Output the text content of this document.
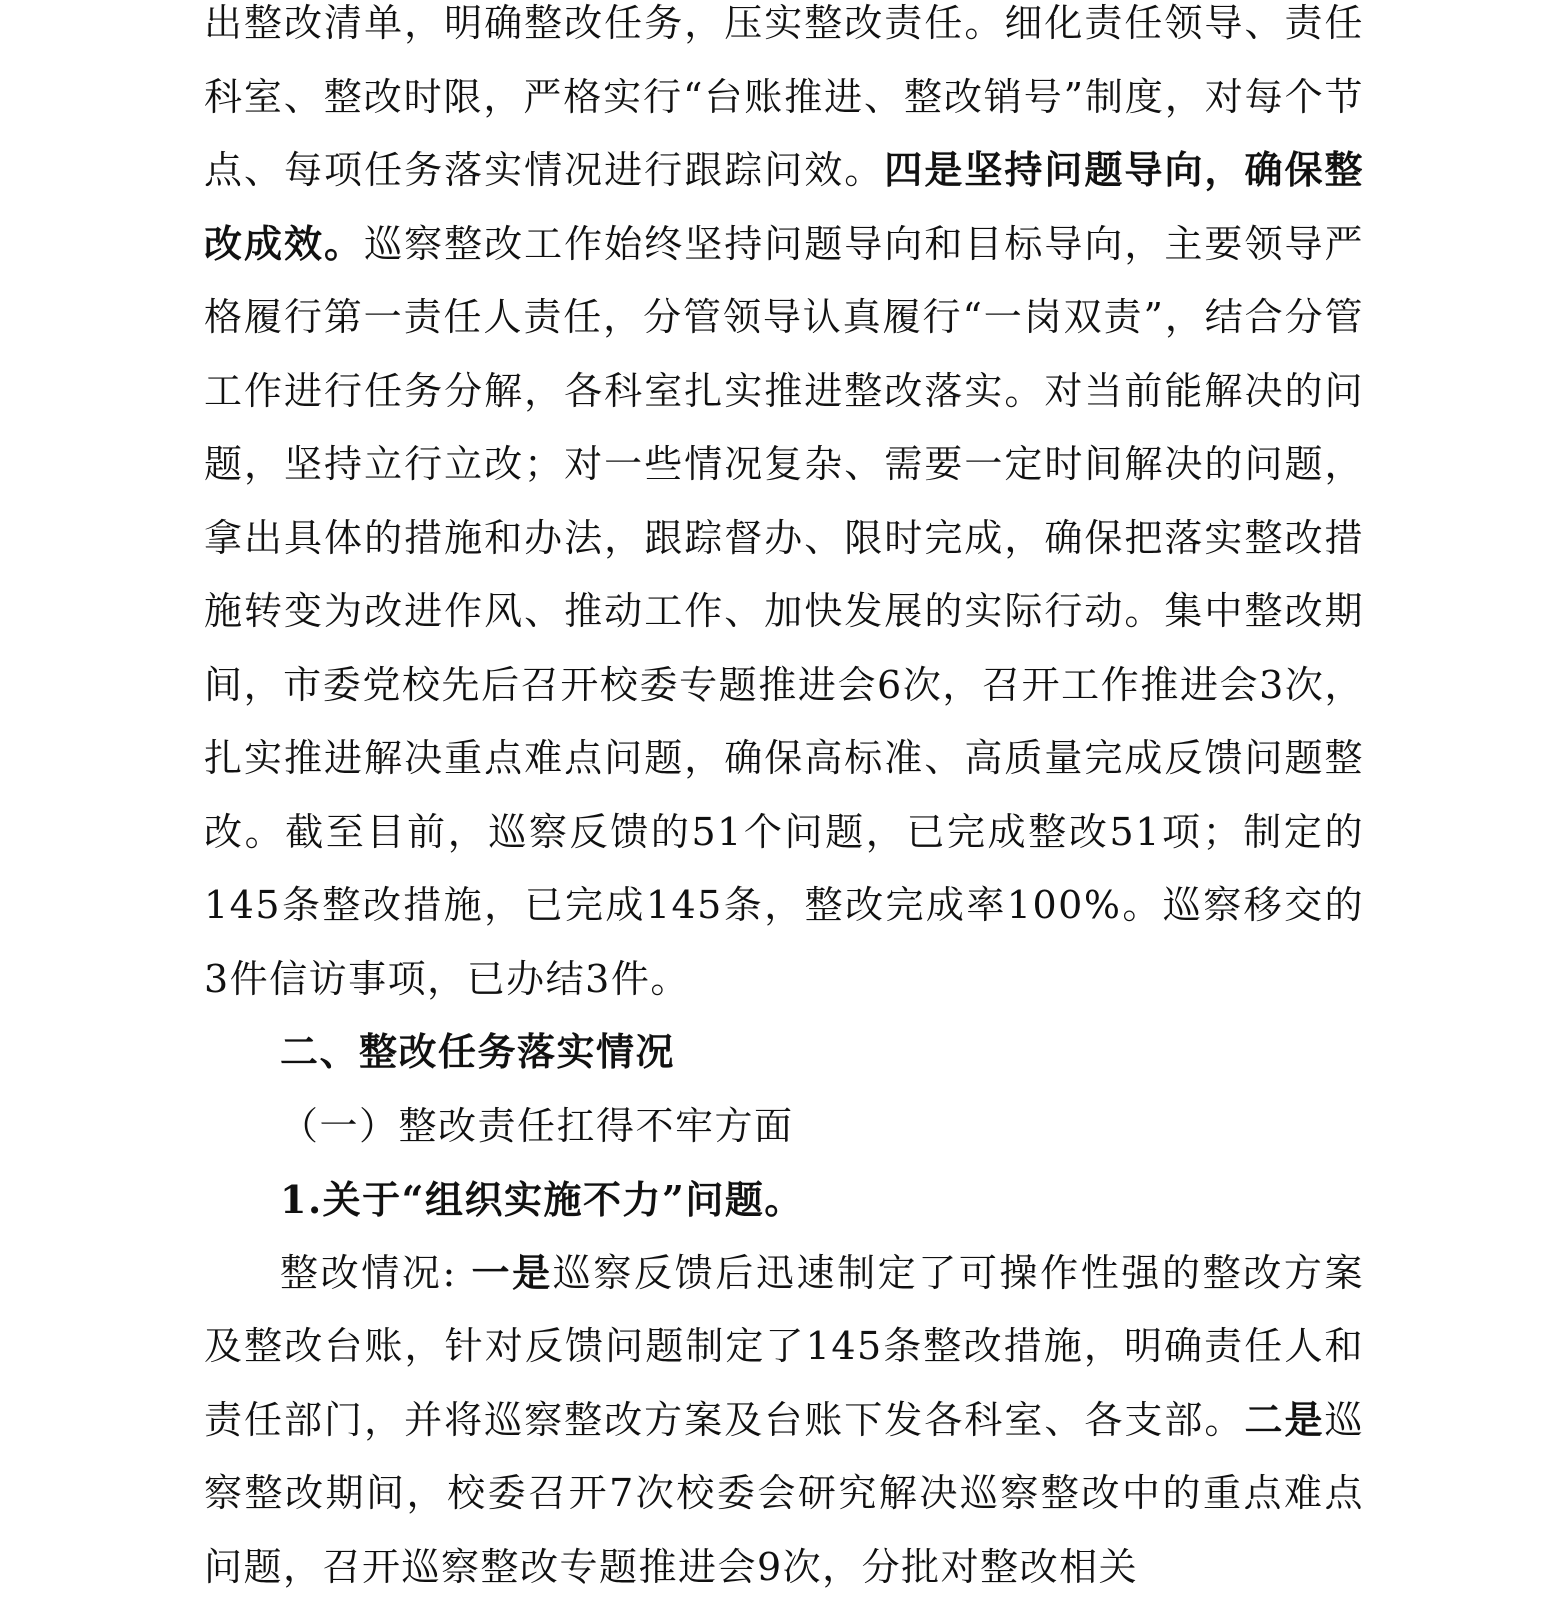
出整改清单，明确整改任务，压实整改责任。细化责任领导、责任科室、整改时限，严格实行“台账推进、整改销号”制度，对每个节点、每项任务落实情况进行跟踪问效。四是坚持问题导向，确保整改成效。巡察整改工作始终坚持问题导向和目标导向，主要领导严格履行第一责任人责任，分管领导认真履行“一岗双责”，结合分管工作进行任务分解，各科室扎实推进整改落实。对当前能解决的问题，坚持立行立改；对一些情况复杂、需要一定时间解决的问题，拿出具体的措施和办法，跟踪督办、限时完成，确保把落实整改措施转变为改进作风、推动工作、加快发展的实际行动。集中整改期间，市委党校先后召开校委专题推进会6次，召开工作推进会3次，扎实推进解决重点难点问题，确保高标准、高质量完成反馈问题整改。截至目前，巡察反馈的51个问题，已完成整改51项；制定的145条整改措施，已完成145条，整改完成率100%。巡察移交的3件信访事项，已办结3件。

二、整改任务落实情况

（一）整改责任扛得不牢方面

1.关于“组织实施不力”问题。

整改情况: 一是巡察反馈后迅速制定了可操作性强的整改方案及整改台账，针对反馈问题制定了145条整改措施，明确责任人和责任部门，并将巡察整改方案及台账下发各科室、各支部。二是巡察整改期间，校委召开7次校委会研究解决巡察整改中的重点难点问题，召开巡察整改专题推进会9次，分批对整改相关
